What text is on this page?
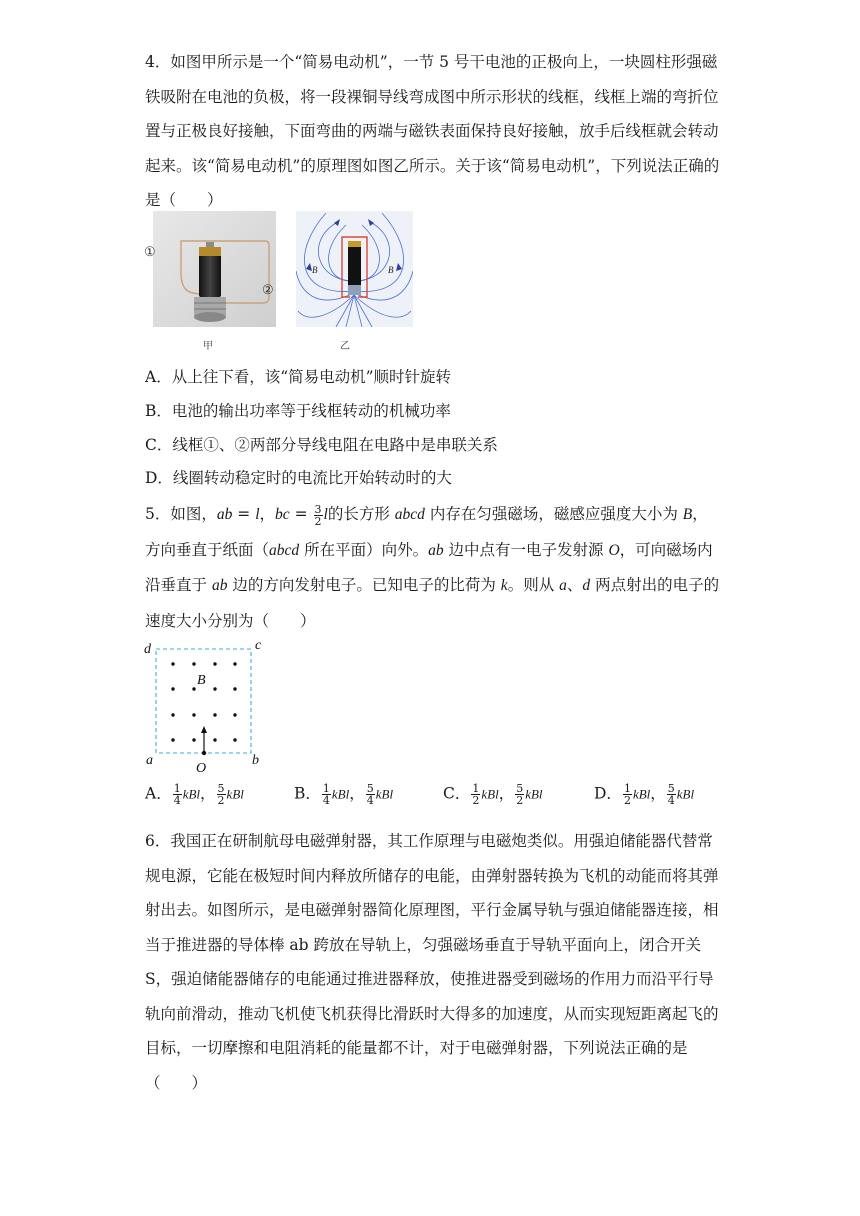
4．如图甲所示是一个“简易电动机”，一节 5 号干电池的正极向上，一块圆柱形强磁铁吸附在电池的负极，将一段裸铜导线弯成图中所示形状的线框，线框上端的弯折位置与正极良好接触，下面弯曲的两端与磁铁表面保持良好接触，放手后线框就会转动起来。该“简易电动机”的原理图如图乙所示。关于该“简易电动机”，下列说法正确的是（　　）

①
②
甲
B	B
乙
A．从上往下看，该“简易电动机”顺时针旋转
B．电池的输出功率等于线框转动的机械功率
C．线框①、②两部分导线电阻在电路中是串联关系
D．线圈转动稳定时的电流比开始转动时的大

5．如图，ab = l，bc = $\frac{3}{2}$ l的长方形 abcd 内存在匀强磁场，磁感应强度大小为 B，方向垂直于纸面（abcd 所在平面）向外。ab 边中点有一电子发射源 O，可向磁场内沿垂直于 ab 边的方向发射电子。已知电子的比荷为 k。则从 a、d 两点射出的电子的速度大小分别为（　　）

d	c
a	b
B
O
A． $\frac{1}{4}$ kBl， $\frac{5}{2}$ kBl	B． $\frac{1}{4}$ kBl， $\frac{5}{4}$ kBl	C． $\frac{1}{2}$ kBl， $\frac{5}{2}$ kBl	D． $\frac{1}{2}$ kBl， $\frac{5}{4}$ kBl

6．我国正在研制航母电磁弹射器，其工作原理与电磁炮类似。用强迫储能器代替常规电源，它能在极短时间内释放所储存的电能，由弹射器转换为飞机的动能而将其弹射出去。如图所示，是电磁弹射器简化原理图，平行金属导轨与强迫储能器连接，相当于推进器的导体棒 ab 跨放在导轨上，匀强磁场垂直于导轨平面向上，闭合开关 S，强迫储能器储存的电能通过推进器释放，使推进器受到磁场的作用力而沿平行导轨向前滑动，推动飞机使飞机获得比滑跃时大得多的加速度，从而实现短距离起飞的目标，一切摩擦和电阻消耗的能量都不计，对于电磁弹射器，下列说法正确的是（　　）
